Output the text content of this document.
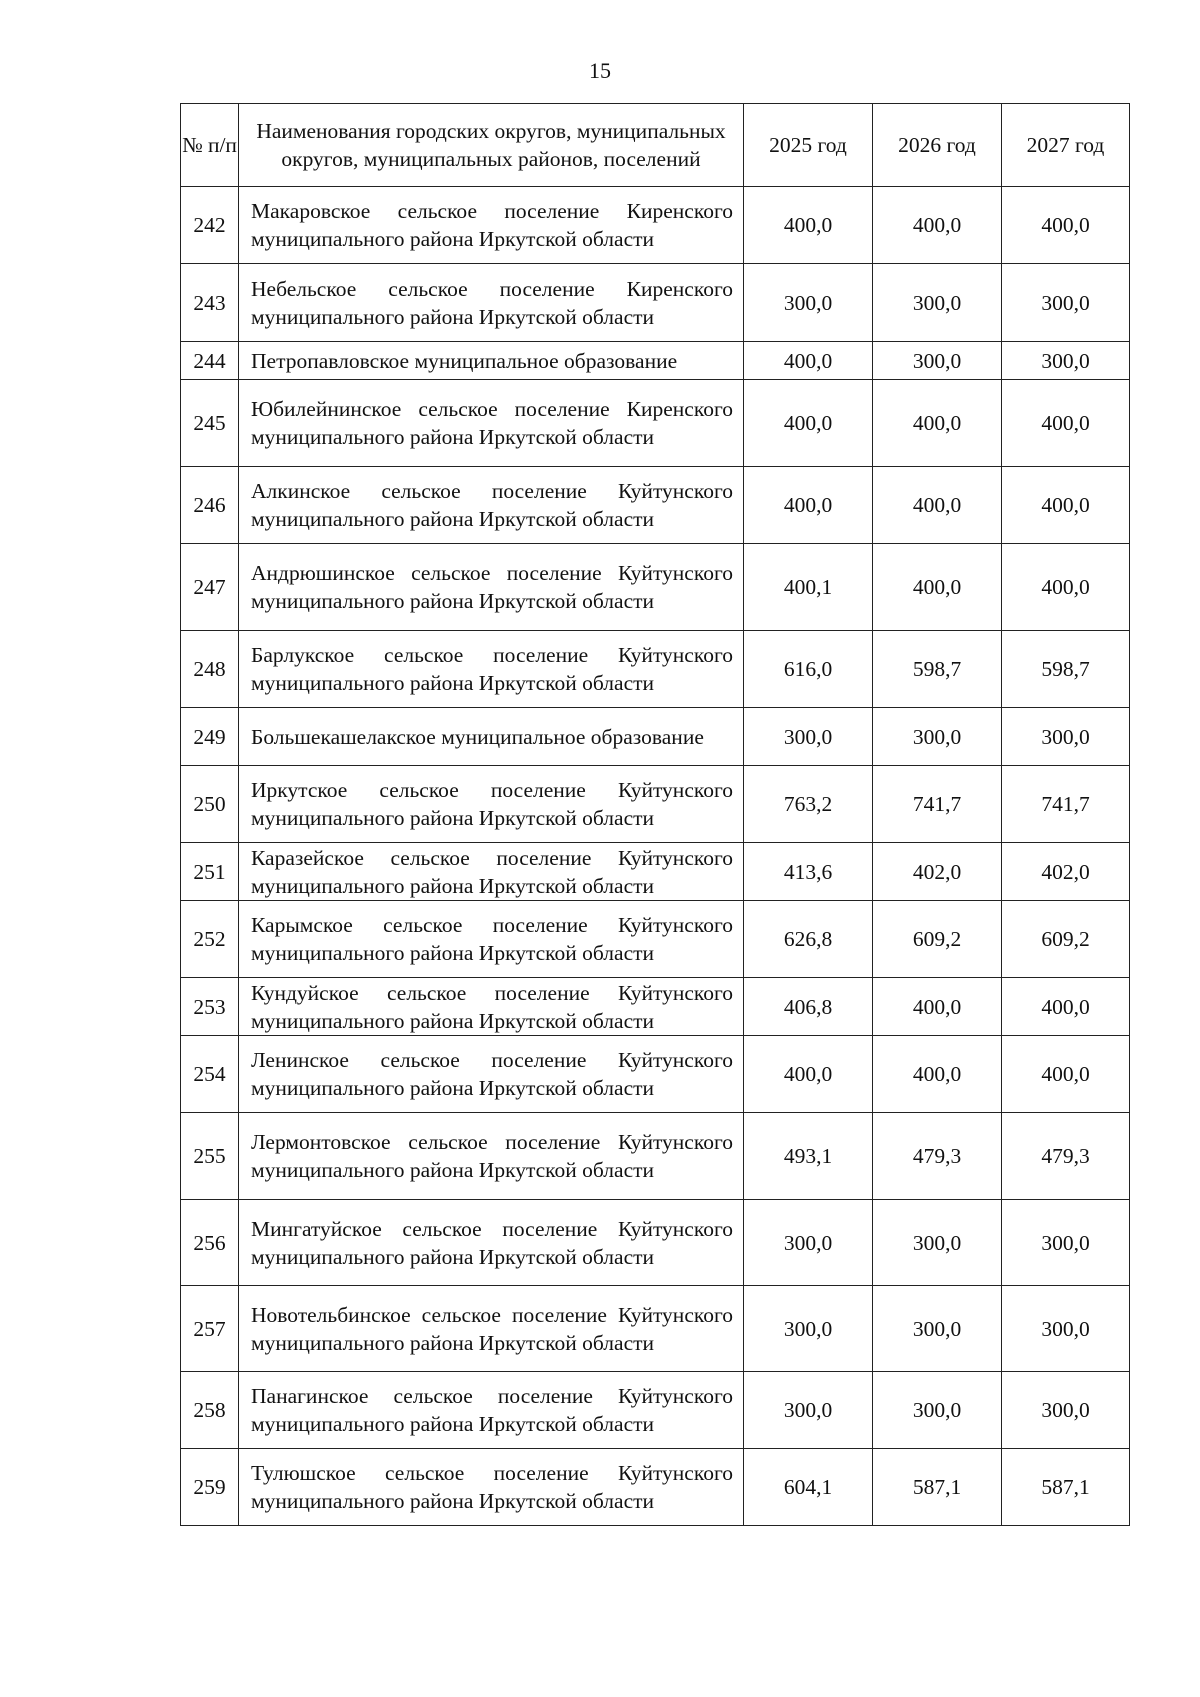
15
№ п/п	Наименования городских округов, муниципальных округов, муниципальных районов, поселений	2025 год	2026 год	2027 год
242	Макаровское сельское поселение Киренского муниципального района Иркутской области	400,0	400,0	400,0
243	Небельское сельское поселение Киренского муниципального района Иркутской области	300,0	300,0	300,0
244	Петропавловское муниципальное образование	400,0	300,0	300,0
245	Юбилейнинское сельское поселение Киренского муниципального района Иркутской области	400,0	400,0	400,0
246	Алкинское сельское поселение Куйтунского муниципального района Иркутской области	400,0	400,0	400,0
247	Андрюшинское сельское поселение Куйтунского муниципального района Иркутской области	400,1	400,0	400,0
248	Барлукское сельское поселение Куйтунского муниципального района Иркутской области	616,0	598,7	598,7
249	Большекашелакское муниципальное образование	300,0	300,0	300,0
250	Иркутское сельское поселение Куйтунского муниципального района Иркутской области	763,2	741,7	741,7
251	Каразейское сельское поселение Куйтунского муниципального района Иркутской области	413,6	402,0	402,0
252	Карымское сельское поселение Куйтунского муниципального района Иркутской области	626,8	609,2	609,2
253	Кундуйское сельское поселение Куйтунского муниципального района Иркутской области	406,8	400,0	400,0
254	Ленинское сельское поселение Куйтунского муниципального района Иркутской области	400,0	400,0	400,0
255	Лермонтовское сельское поселение Куйтунского муниципального района Иркутской области	493,1	479,3	479,3
256	Мингатуйское сельское поселение Куйтунского муниципального района Иркутской области	300,0	300,0	300,0
257	Новотельбинское сельское поселение Куйтунского муниципального района Иркутской области	300,0	300,0	300,0
258	Панагинское сельское поселение Куйтунского муниципального района Иркутской области	300,0	300,0	300,0
259	Тулюшское сельское поселение Куйтунского муниципального района Иркутской области	604,1	587,1	587,1
